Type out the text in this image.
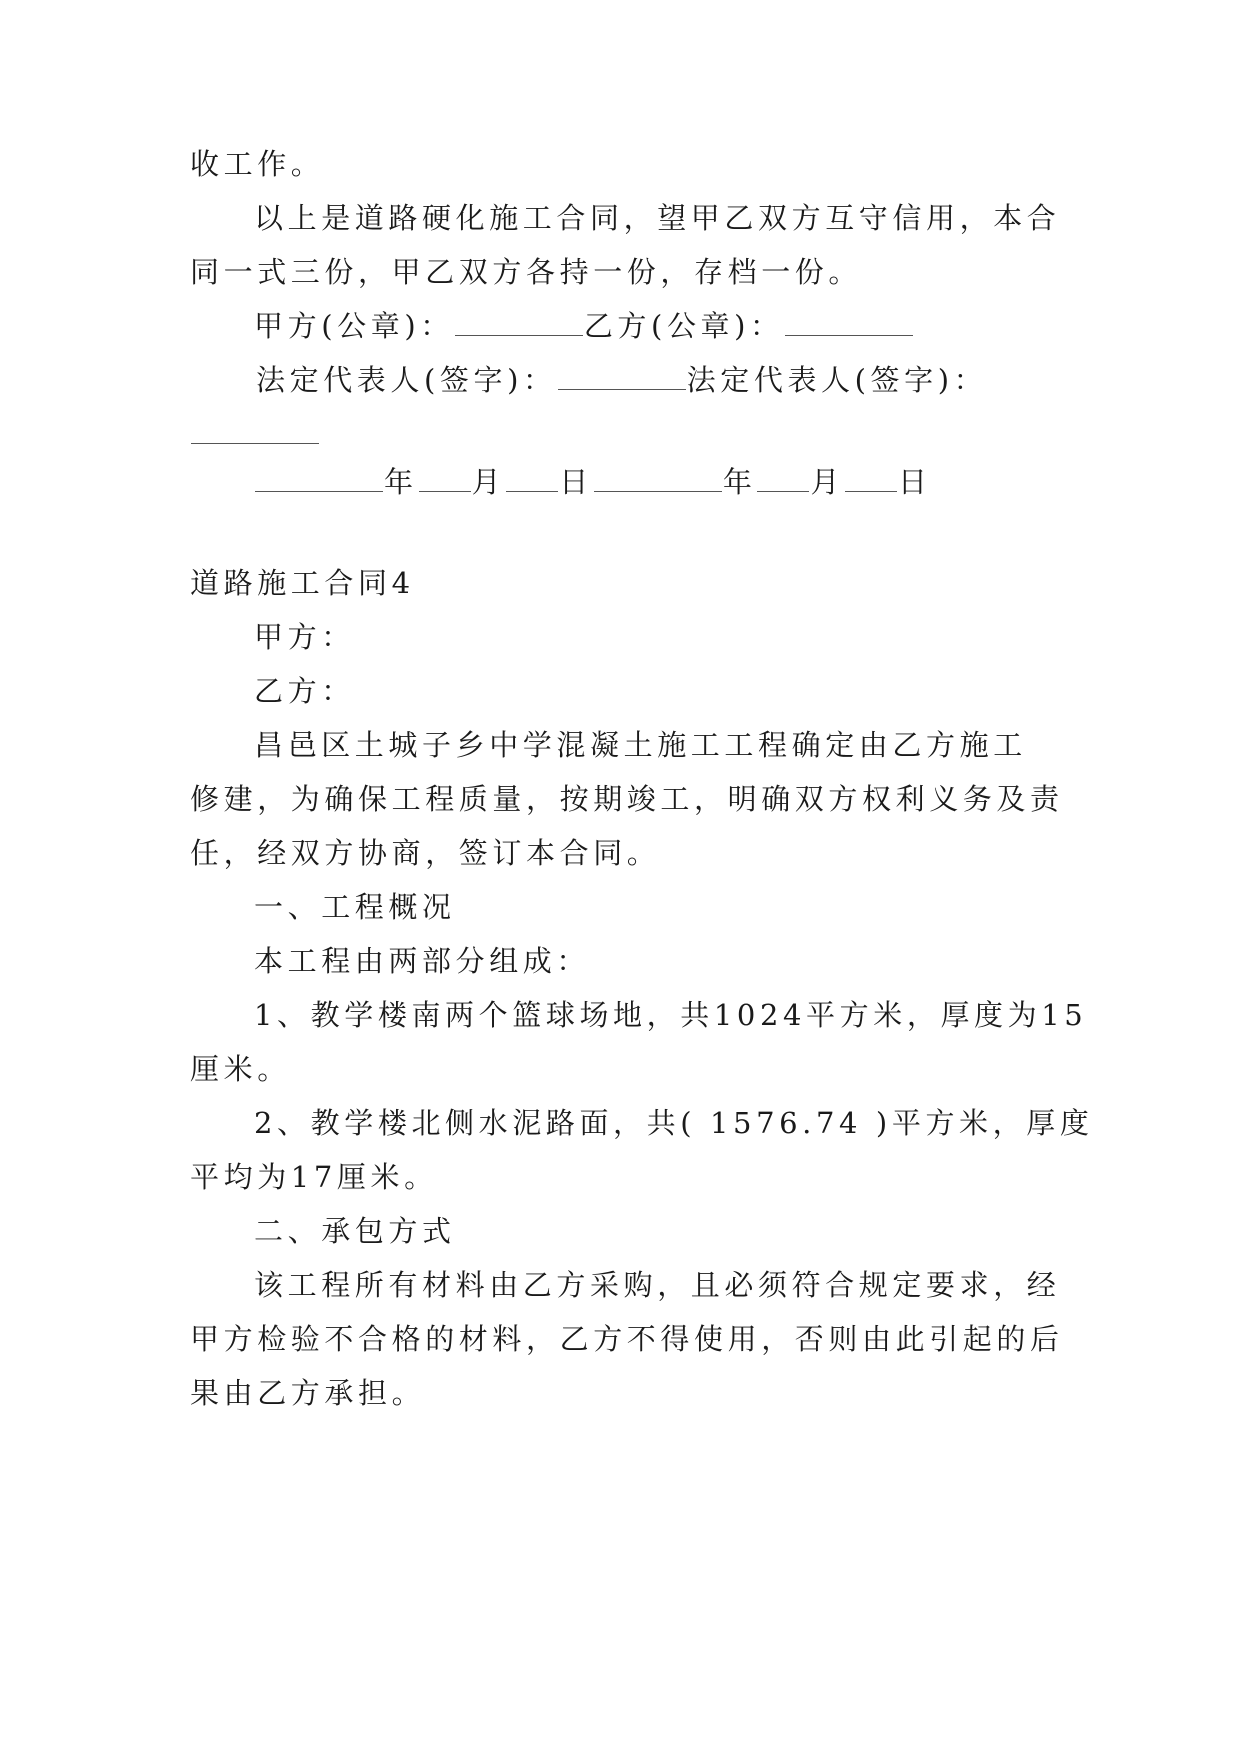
收工作。
以上是道路硬化施工合同，望甲乙双方互守信用，本合
同一式三份，甲乙双方各持一份，存档一份。
甲方(公章)：	乙方(公章)：
法定代表人(签字)：	法定代表人(签字)：
年 月 日	年 月 日
道路施工合同4
甲方：
乙方：
昌邑区土城子乡中学混凝土施工工程确定由乙方施工
修建，为确保工程质量，按期竣工，明确双方权利义务及责
任，经双方协商，签订本合同。
一、工程概况
本工程由两部分组成：
1、教学楼南两个篮球场地，共1024平方米，厚度为15
厘米。
2、教学楼北侧水泥路面，共( 1576.74 )平方米，厚度
平均为17厘米。
二、承包方式
该工程所有材料由乙方采购，且必须符合规定要求，经
甲方检验不合格的材料，乙方不得使用，否则由此引起的后
果由乙方承担。
